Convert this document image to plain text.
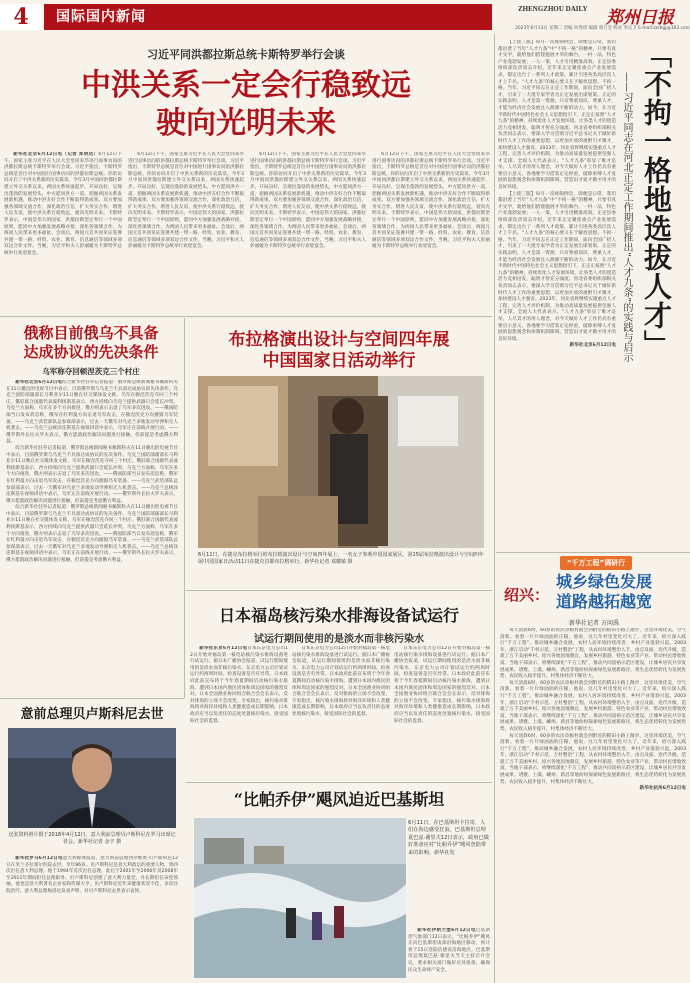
4	国际国内新闻	ZHENGZHOU DAILY 郑州日报
2023年6月13日 星期二 责编 何秀倩 编辑 邢万莹 校对 李庆卫 E-mail:zzrbgj@163.com
习近平同洪都拉斯总统卡斯特罗举行会谈
中洪关系一定会行稳致远
驶向光明未来

新华社北京6月12日电（记者 郑明达）6月12日下午，国家主席习近平在人民大会堂同来华进行国事访问的洪都拉斯总统卡斯特罗举行会谈。习近平指出，卡斯特罗总统是首位对中国进行国事访问的洪都拉斯总统。你的访问开启了中洪关系新的历史篇章。今年3月中国同洪都拉斯建立外交关系以来，两国关系快速起步，开局良好，呈现出蓬勃的发展势头，中方愿同洪方一道，把握两国关系发展新机遇，推动中洪友好合作不断取得新成果。双方要加强各领域交流合作，深化政治互信，扩大务实合作，增进人民友谊，使中洪关系行稳致远，驶向光明未来。卡斯特罗表示，中国是伟大的国家，洪都拉斯坚定奉行一个中国原则，愿同中方加强发展战略对接，深化各领域合作，为两国人民带来更多福祉。会谈后，两国元首共同见证签署共建一带一路、经贸、农业、教育、信息通信等领域多项双边合作文件。当晚，习近平和夫人彭丽媛为卡斯特罗总统举行欢迎宴会。

6月12日下午，国家主席习近平在人民大会堂同来华进行国事访问的洪都拉斯总统卡斯特罗举行会谈。习近平指出，卡斯特罗总统是首位对中国进行国事访问的洪都拉斯总统。你的访问开启了中洪关系新的历史篇章。今年3月中国同洪都拉斯建立外交关系以来，两国关系快速起步，开局良好，呈现出蓬勃的发展势头，中方愿同洪方一道，把握两国关系发展新机遇，推动中洪友好合作不断取得新成果。双方要加强各领域交流合作，深化政治互信，扩大务实合作，增进人民友谊，使中洪关系行稳致远，驶向光明未来。卡斯特罗表示，中国是伟大的国家，洪都拉斯坚定奉行一个中国原则，愿同中方加强发展战略对接，深化各领域合作，为两国人民带来更多福祉。会谈后，两国元首共同见证签署共建一带一路、经贸、农业、教育、信息通信等领域多项双边合作文件。当晚，习近平和夫人彭丽媛为卡斯特罗总统举行欢迎宴会。

6月12日下午，国家主席习近平在人民大会堂同来华进行国事访问的洪都拉斯总统卡斯特罗举行会谈。习近平指出，卡斯特罗总统是首位对中国进行国事访问的洪都拉斯总统。你的访问开启了中洪关系新的历史篇章。今年3月中国同洪都拉斯建立外交关系以来，两国关系快速起步，开局良好，呈现出蓬勃的发展势头，中方愿同洪方一道，把握两国关系发展新机遇，推动中洪友好合作不断取得新成果。双方要加强各领域交流合作，深化政治互信，扩大务实合作，增进人民友谊，使中洪关系行稳致远，驶向光明未来。卡斯特罗表示，中国是伟大的国家，洪都拉斯坚定奉行一个中国原则，愿同中方加强发展战略对接，深化各领域合作，为两国人民带来更多福祉。会谈后，两国元首共同见证签署共建一带一路、经贸、农业、教育、信息通信等领域多项双边合作文件。当晚，习近平和夫人彭丽媛为卡斯特罗总统举行欢迎宴会。

6月12日下午，国家主席习近平在人民大会堂同来华进行国事访问的洪都拉斯总统卡斯特罗举行会谈。习近平指出，卡斯特罗总统是首位对中国进行国事访问的洪都拉斯总统。你的访问开启了中洪关系新的历史篇章。今年3月中国同洪都拉斯建立外交关系以来，两国关系快速起步，开局良好，呈现出蓬勃的发展势头，中方愿同洪方一道，把握两国关系发展新机遇，推动中洪友好合作不断取得新成果。双方要加强各领域交流合作，深化政治互信，扩大务实合作，增进人民友谊，使中洪关系行稳致远，驶向光明未来。卡斯特罗表示，中国是伟大的国家，洪都拉斯坚定奉行一个中国原则，愿同中方加强发展战略对接，深化各领域合作，为两国人民带来更多福祉。会谈后，两国元首共同见证签署共建一带一路、经贸、农业、教育、信息通信等领域多项双边合作文件。当晚，习近平和夫人彭丽媛为卡斯特罗总统举行欢迎宴会。

俄称目前俄乌不具备
达成协议的先决条件
乌军称夺回顿涅茨克三个村庄

新华社北京6月12日电综合新华社驻外记者报道：俄罗斯总统新闻秘书佩斯科夫在11日播出的电视节目中表示，目前俄罗斯与乌克兰不具备达成协议的先决条件。乌克兰国防部副部长马利亚尔11日晚在社交媒体发文称，乌军在顿涅茨克夺回三个村庄。俄驻联合国副代表波利扬斯基表示，西方持续向乌克兰提供武器只会延长冲突。乌克兰方面称，乌军在多个方向推进，俄方则表示击退了乌军多次进攻。——俄国防部当日发布消息称，俄军在红利曼方向击退乌军攻击，在顿涅茨克方向摧毁乌军装备。——乌克兰武装部队总参谋部表示，过去一天俄军对乌克兰多地发动导弹和无人机袭击。——乌克兰总统泽连斯基在视频讲话中表示，乌军正在前线开展行动。——俄罗斯外长拉夫罗夫表示，俄方愿就政治解决问题进行接触，但前提是考虑俄方利益。

综合新华社驻外记者报道：俄罗斯总统新闻秘书佩斯科夫在11日播出的电视节目中表示，目前俄罗斯与乌克兰不具备达成协议的先决条件。乌克兰国防部副部长马利亚尔11日晚在社交媒体发文称，乌军在顿涅茨克夺回三个村庄。俄驻联合国副代表波利扬斯基表示，西方持续向乌克兰提供武器只会延长冲突。乌克兰方面称，乌军在多个方向推进，俄方则表示击退了乌军多次进攻。——俄国防部当日发布消息称，俄军在红利曼方向击退乌军攻击，在顿涅茨克方向摧毁乌军装备。——乌克兰武装部队总参谋部表示，过去一天俄军对乌克兰多地发动导弹和无人机袭击。——乌克兰总统泽连斯基在视频讲话中表示，乌军正在前线开展行动。——俄罗斯外长拉夫罗夫表示，俄方愿就政治解决问题进行接触，但前提是考虑俄方利益。

综合新华社驻外记者报道：俄罗斯总统新闻秘书佩斯科夫在11日播出的电视节目中表示，目前俄罗斯与乌克兰不具备达成协议的先决条件。乌克兰国防部副部长马利亚尔11日晚在社交媒体发文称，乌军在顿涅茨克夺回三个村庄。俄驻联合国副代表波利扬斯基表示，西方持续向乌克兰提供武器只会延长冲突。乌克兰方面称，乌军在多个方向推进，俄方则表示击退了乌军多次进攻。——俄国防部当日发布消息称，俄军在红利曼方向击退乌军攻击，在顿涅茨克方向摧毁乌军装备。——乌克兰武装部队总参谋部表示，过去一天俄军对乌克兰多地发动导弹和无人机袭击。——乌克兰总统泽连斯基在视频讲话中表示，乌军正在前线开展行动。——俄罗斯外长拉夫罗夫表示，俄方愿就政治解决问题进行接触，但前提是考虑俄方利益。

布拉格演出设计与空间四年展
中国国家日活动举行
6月11日，在捷克布拉格举行的布拉格演出设计与空间四年展上，一名女子参观中国国家展区。第15届布拉格演出设计与空间四年展中国国家日活动11日在捷克首都布拉格举行。新华社记者 邓耀敏 摄
日本福岛核污染水排海设备试运行
试运行期间使用的是淡水而非核污染水

新华社东京6月12日电日本东京电力公司12日开始对福岛第一核电站核污染水排海设备进行试运行。据日本广播协会报道，试运行期间使用的是淡水而非核污染水，东京电力公司计划试运行约两周时间，检查设备是否有异常。日本政府此前宣布将于今年春夏期间启动核污染水排海，遭到日本国内渔民团体和周边国家的强烈反对。日本全国渔业协同组合联合会会长表示，反对排海的立场不会改变。专家指出，核污染水排海将对海洋环境和人类健康造成长期影响，日本政府应当以负责任的态度处置核污染水，接受国际社会的监督。

日本东京电力公司12日开始对福岛第一核电站核污染水排海设备进行试运行。据日本广播协会报道，试运行期间使用的是淡水而非核污染水，东京电力公司计划试运行约两周时间，检查设备是否有异常。日本政府此前宣布将于今年春夏期间启动核污染水排海，遭到日本国内渔民团体和周边国家的强烈反对。日本全国渔业协同组合联合会会长表示，反对排海的立场不会改变。专家指出，核污染水排海将对海洋环境和人类健康造成长期影响，日本政府应当以负责任的态度处置核污染水，接受国际社会的监督。

日本东京电力公司12日开始对福岛第一核电站核污染水排海设备进行试运行。据日本广播协会报道，试运行期间使用的是淡水而非核污染水，东京电力公司计划试运行约两周时间，检查设备是否有异常。日本政府此前宣布将于今年春夏期间启动核污染水排海，遭到日本国内渔民团体和周边国家的强烈反对。日本全国渔业协同组合联合会会长表示，反对排海的立场不会改变。专家指出，核污染水排海将对海洋环境和人类健康造成长期影响，日本政府应当以负责任的态度处置核污染水，接受国际社会的监督。

意前总理贝卢斯科尼去世
这张资料照片摄于2018年4月12日，意大利前总理贝卢斯科尼在罗马出席记者会。新华社记者 金宇 摄

新华社罗马6月12日电意大利媒体报道，意大利前总理西尔维奥·贝卢斯科尼12日在米兰圣拉斐尔医院去世，享年86岁。贝卢斯科尼是意大利政坛的重要人物，曾四次出任意大利总理。他于1994年首次出任总理，此后于2001年至2006年及2008年至2011年期间担任总理职务。贝卢斯科尼创建了意大利力量党，并长期担任该党领袖。他也是意大利著名企业家和传媒大亨。贝卢斯科尼近年来健康状况不佳，多次住院治疗。意大利总理梅洛尼发表声明，对贝卢斯科尼去世表示哀悼。

“比帕乔伊”飓风迫近巴基斯坦
6月11日，在巴基斯坦卡拉奇，人们在海边感受狂浪。巴基斯坦总理夏巴兹·谢里夫12日表示，政府已做好准备应对“比帕乔伊”飓风登陆带来的影响。新华社发

新华社伊斯兰堡6月12日电巴基斯坦气象部门12日表示，“比帕乔伊”飓风正向巴基斯坦南部沿海地区移动，预计将于15日登陆信德省沿海地区。巴基斯坦总理夏巴兹·谢里夫当天主持召开会议，要求相关部门做好应对准备，确保民众生命财产安全。

【上接三版】每月一次视频例会，即便是日常，我们都沿袭了当年“人才九条”中“不拘一格”的精神，只要有真才实学，就给他们搭建施展才华的舞台。一村一品，特色产业蓬勃发展；一人一策，人才引进精准高效。正定县委组织部负责同志介绍，近年来正定聚焦重点产业发展需求，制定出台了一系列人才政策，累计引进各类高层次人才上千名。“人才九条”的核心要义在于解放思想、不拘一格。当年，习近平同志在正定工作期间，面向全国广招人才，引来了一大批专家学者为正定发展出谋划策。正定的实践表明，人才是第一资源，只有尊重知识、尊重人才，才能为经济社会发展注入源源不断的动力。如今，在习近平新时代中国特色社会主义思想指引下，正定正按照“人才九条”的精神，持续优化人才发展环境，让各类人才的创造活力竞相迸发、聪明才智充分涌流。河北省委组织部相关负责同志表示，要深入学习贯彻习近平总书记关于做好新时代人才工作的重要思想，以更加开放的视野引才聚才，加快建设人才强省。2023年，河北省将继续实施重点人才工程，完善人才评价机制，为推动高质量发展提供坚强人才支撑。全国人大代表表示，“人才九条”彰显了唯才是举、人尽其才的用人理念，对今天做好人才工作仍具有重要启示意义。各地要学习借鉴正定经验，破除束缚人才发展的思想观念和体制机制障碍，营造识才爱才敬才用才的良好环境。

【上接三版】每月一次视频例会，即便是日常，我们都沿袭了当年“人才九条”中“不拘一格”的精神，只要有真才实学，就给他们搭建施展才华的舞台。一村一品，特色产业蓬勃发展；一人一策，人才引进精准高效。正定县委组织部负责同志介绍，近年来正定聚焦重点产业发展需求，制定出台了一系列人才政策，累计引进各类高层次人才上千名。“人才九条”的核心要义在于解放思想、不拘一格。当年，习近平同志在正定工作期间，面向全国广招人才，引来了一大批专家学者为正定发展出谋划策。正定的实践表明，人才是第一资源，只有尊重知识、尊重人才，才能为经济社会发展注入源源不断的动力。如今，在习近平新时代中国特色社会主义思想指引下，正定正按照“人才九条”的精神，持续优化人才发展环境，让各类人才的创造活力竞相迸发、聪明才智充分涌流。河北省委组织部相关负责同志表示，要深入学习贯彻习近平总书记关于做好新时代人才工作的重要思想，以更加开放的视野引才聚才，加快建设人才强省。2023年，河北省将继续实施重点人才工程，完善人才评价机制，为推动高质量发展提供坚强人才支撑。全国人大代表表示，“人才九条”彰显了唯才是举、人尽其才的用人理念，对今天做好人才工作仍具有重要启示意义。各地要学习借鉴正定经验，破除束缚人才发展的思想观念和体制机制障碍，营造识才爱才敬才用才的良好环境。

新华社北京6月12日电 「不拘一格地选拔人才」
——习近平同志在河北正定工作期间推出“人才九条”的实践与启示
“千万工程”调研行
绍兴：
城乡绿色发展
道路越拓越宽
新华社记者 方问禹

每天清晨6时，60岁的农民章根村就会到附近的稻田小路上散步，这里环境优美，空气清新。看着一片片绿油油的庄稼，他说，这几年村里变化可大了。近年来，绍兴深入践行“千万工程”，推动城乡融合发展，农村人居环境持续改善，乡村产业蓬勃兴起。2003年，浙江启动“千村示范、万村整治”工程，从农村环境整治入手，由点及面、迭代升级，造就了万千美丽乡村。绍兴各地因地制宜，发展乡村旅游、特色农业等产业，带动村民增收致富。当地干部表示，将继续深化“千万工程”，推动共同富裕示范区建设，让城乡居民共享发展成果。诸暨、上虞、嵊州、新昌等地纷纷探索绿色发展新路径，将生态优势转化为发展优势，农民收入稳步提升，村集体经济不断壮大。

每天清晨6时，60岁的农民章根村就会到附近的稻田小路上散步，这里环境优美，空气清新。看着一片片绿油油的庄稼，他说，这几年村里变化可大了。近年来，绍兴深入践行“千万工程”，推动城乡融合发展，农村人居环境持续改善，乡村产业蓬勃兴起。2003年，浙江启动“千村示范、万村整治”工程，从农村环境整治入手，由点及面、迭代升级，造就了万千美丽乡村。绍兴各地因地制宜，发展乡村旅游、特色农业等产业，带动村民增收致富。当地干部表示，将继续深化“千万工程”，推动共同富裕示范区建设，让城乡居民共享发展成果。诸暨、上虞、嵊州、新昌等地纷纷探索绿色发展新路径，将生态优势转化为发展优势，农民收入稳步提升，村集体经济不断壮大。

每天清晨6时，60岁的农民章根村就会到附近的稻田小路上散步，这里环境优美，空气清新。看着一片片绿油油的庄稼，他说，这几年村里变化可大了。近年来，绍兴深入践行“千万工程”，推动城乡融合发展，农村人居环境持续改善，乡村产业蓬勃兴起。2003年，浙江启动“千村示范、万村整治”工程，从农村环境整治入手，由点及面、迭代升级，造就了万千美丽乡村。绍兴各地因地制宜，发展乡村旅游、特色农业等产业，带动村民增收致富。当地干部表示，将继续深化“千万工程”，推动共同富裕示范区建设，让城乡居民共享发展成果。诸暨、上虞、嵊州、新昌等地纷纷探索绿色发展新路径，将生态优势转化为发展优势，农民收入稳步提升，村集体经济不断壮大。

新华社杭州6月12日电
